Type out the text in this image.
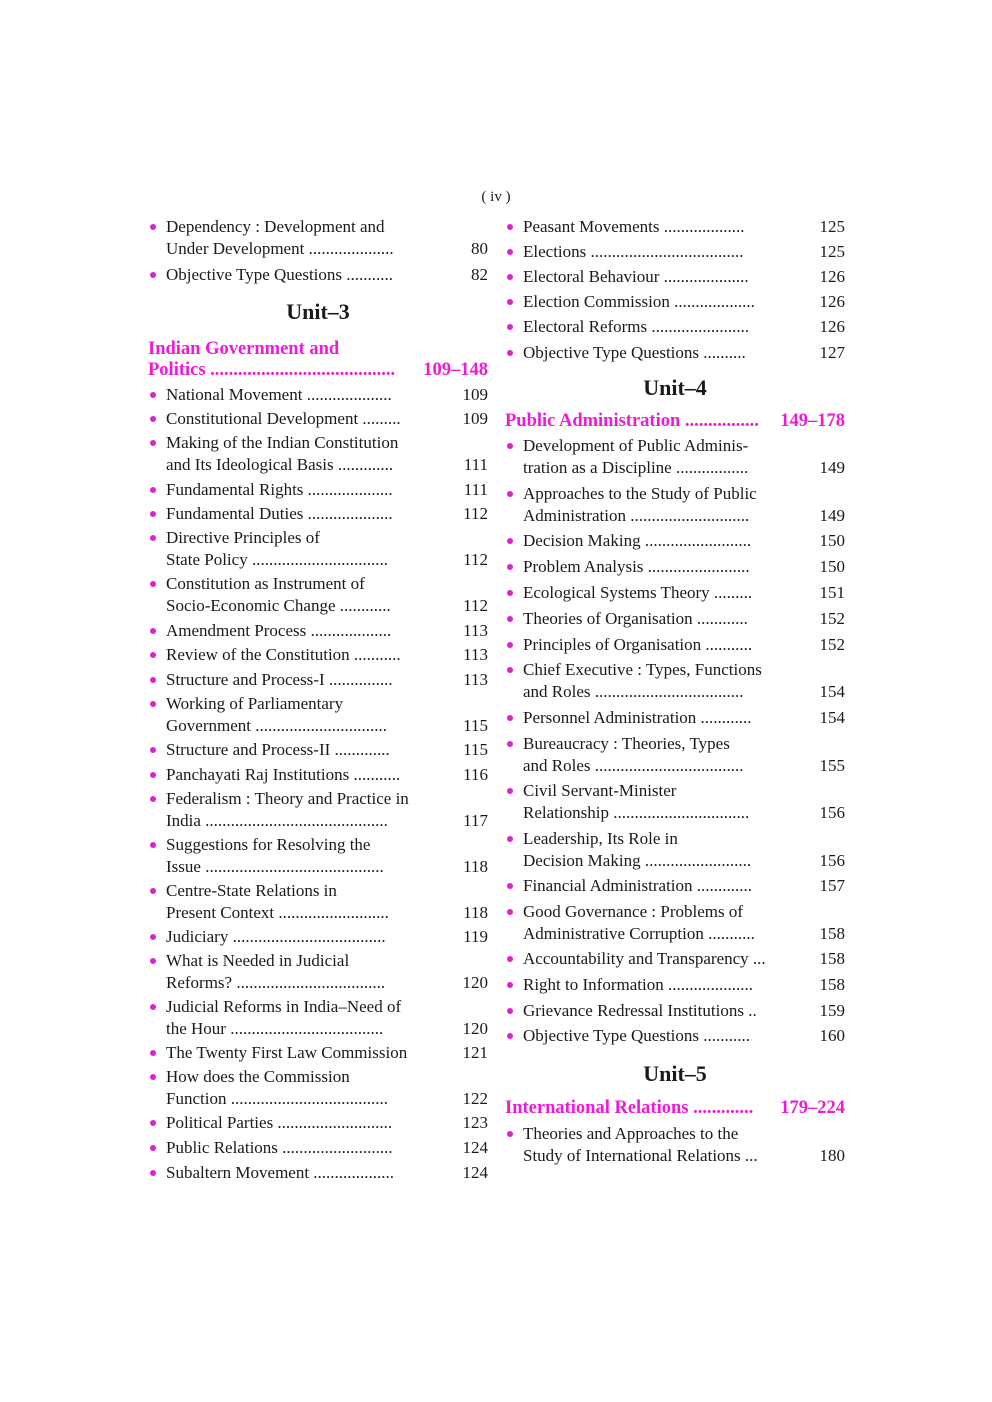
( iv )
Dependency : Development and
Under Development ....................	80
Objective Type Questions ...........	82
Unit–3
Indian Government and
Politics ........................................	109–148
National Movement ....................	109
Constitutional Development .........	109
Making of the Indian Constitution
and Its Ideological Basis .............	111
Fundamental Rights ....................	111
Fundamental Duties ....................	112
Directive Principles of
State Policy ................................	112
Constitution as Instrument of
Socio-Economic Change ............	112
Amendment Process ...................	113
Review of the Constitution ...........	113
Structure and Process-I ...............	113
Working of Parliamentary
Government ...............................	115
Structure and Process-II .............	115
Panchayati Raj Institutions ...........	116
Federalism : Theory and Practice in
India ...........................................	117
Suggestions for Resolving the
Issue ..........................................	118
Centre-State Relations in
Present Context ..........................	118
Judiciary ....................................	119
What is Needed in Judicial
Reforms? ...................................	120
Judicial Reforms in India–Need of
the Hour ....................................	120
The Twenty First Law Commission	121
How does the Commission
Function .....................................	122
Political Parties ...........................	123
Public Relations ..........................	124
Subaltern Movement ...................	124
Peasant Movements ...................	125
Elections ....................................	125
Electoral Behaviour ....................	126
Election Commission ...................	126
Electoral Reforms .......................	126
Objective Type Questions ..........	127
Unit–4
Public Administration ................	149–178
Development of Public Adminis-
tration as a Discipline .................	149
Approaches to the Study of Public
Administration ............................	149
Decision Making .........................	150
Problem Analysis ........................	150
Ecological Systems Theory .........	151
Theories of Organisation ............	152
Principles of Organisation ...........	152
Chief Executive : Types, Functions
and Roles ...................................	154
Personnel Administration ............	154
Bureaucracy : Theories, Types
and Roles ...................................	155
Civil Servant-Minister
Relationship ................................	156
Leadership, Its Role in
Decision Making .........................	156
Financial Administration .............	157
Good Governance : Problems of
Administrative Corruption ...........	158
Accountability and Transparency ...	158
Right to Information ....................	158
Grievance Redressal Institutions ..	159
Objective Type Questions ...........	160
Unit–5
International Relations .............	179–224
Theories and Approaches to the
Study of International Relations ...	180
